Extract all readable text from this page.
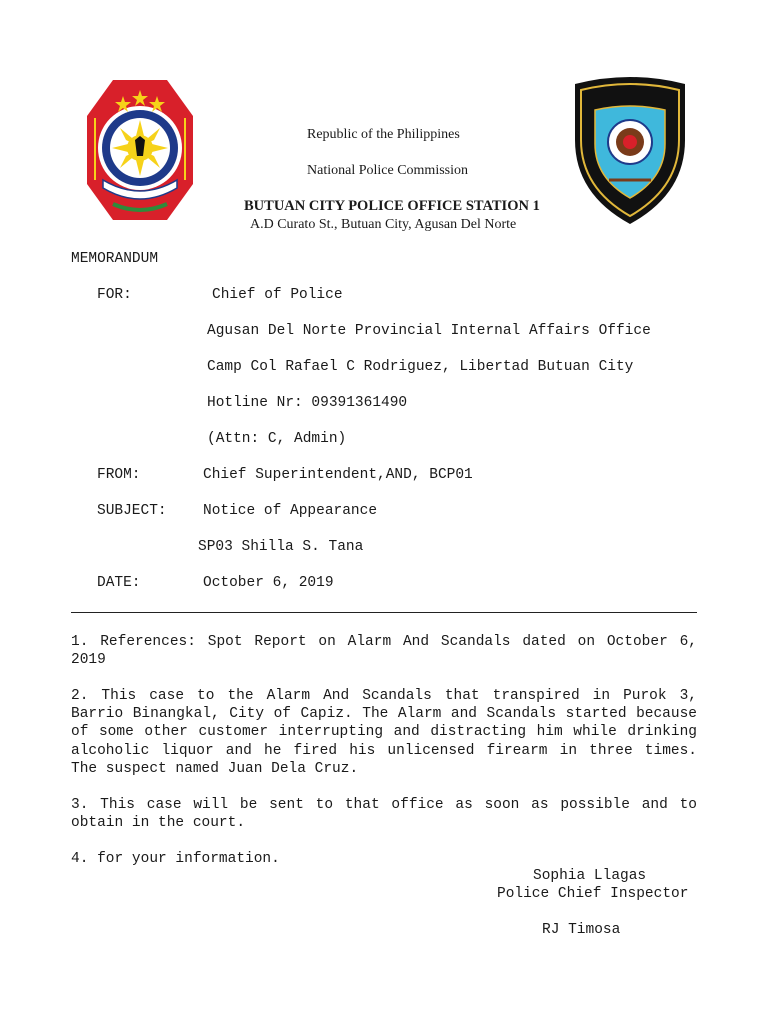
Republic of the Philippines
National Police Commission
BUTUAN CITY POLICE OFFICE STATION 1
A.D Curato St., Butuan City, Agusan Del Norte
MEMORANDUM
FOR:	Chief of Police
Agusan Del Norte Provincial Internal Affairs Office
Camp Col Rafael C Rodriguez, Libertad Butuan City
Hotline Nr: 09391361490
(Attn: C, Admin)
FROM:	Chief Superintendent,AND, BCP01
SUBJECT:	Notice of Appearance
SP03 Shilla S. Tana
DATE:	October 6, 2019

1. References: Spot Report on Alarm And Scandals dated on October 6, 2019

2. This case to the Alarm And Scandals that transpired in Purok 3, Barrio Binangkal, City of Capiz. The Alarm and Scandals started because of some other customer interrupting and distracting him while drinking alcoholic liquor and he fired his unlicensed firearm in three times. The suspect named Juan Dela Cruz.

3. This case will be sent to that office as soon as possible and to obtain in the court.

4. for your information.

Sophia Llagas
Police Chief Inspector
RJ Timosa
